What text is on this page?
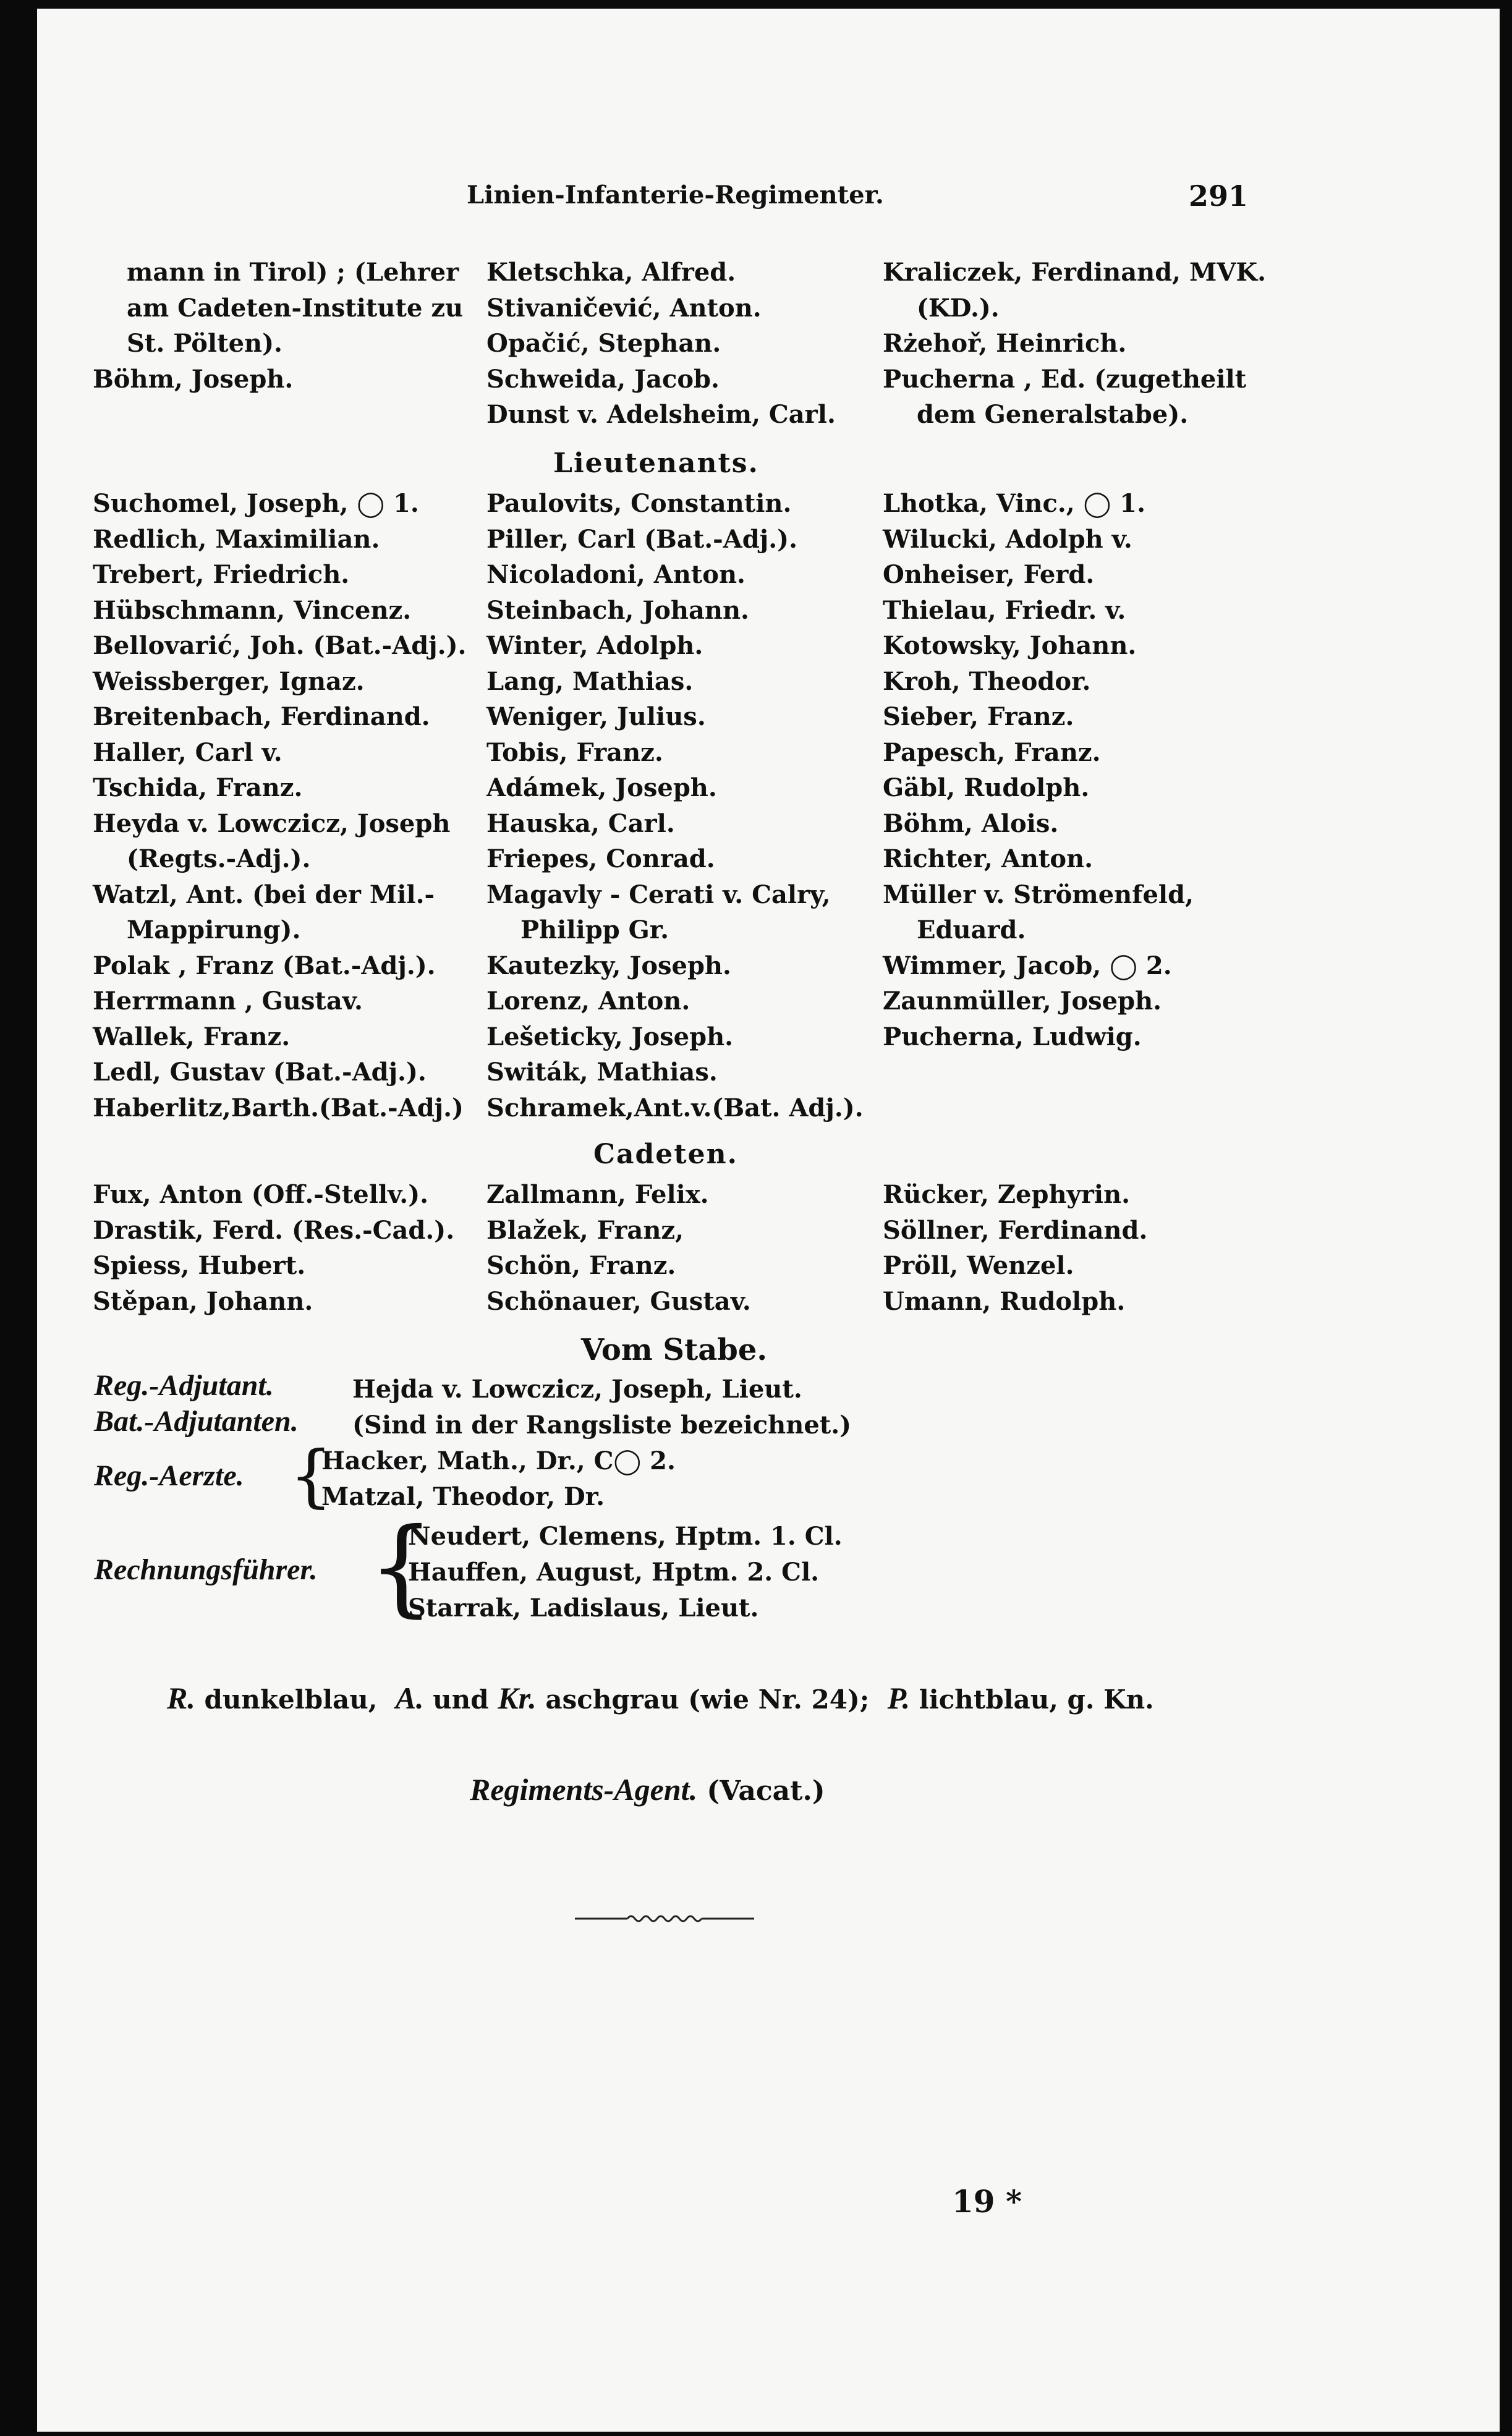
Linien-Infanterie-Regimenter.	291
mann in Tirol) ; (Lehrer
am Cadeten-Institute zu
St. Pölten).
Böhm, Joseph.
Kletschka, Alfred.
Stivaničević, Anton.
Opačić, Stephan.
Schweida, Jacob.
Dunst v. Adelsheim, Carl.
Kraliczek, Ferdinand, MVK.
(KD.).
Rżehoř, Heinrich.
Pucherna , Ed. (zugetheilt
dem Generalstabe).
Lieutenants.
Suchomel, Joseph, ◯ 1.
Redlich, Maximilian.
Trebert, Friedrich.
Hübschmann, Vincenz.
Bellovarić, Joh. (Bat.-Adj.).
Weissberger, Ignaz.
Breitenbach, Ferdinand.
Haller, Carl v.
Tschida, Franz.
Heyda v. Lowczicz, Joseph
(Regts.-Adj.).
Watzl, Ant. (bei der Mil.-
Mappirung).
Polak , Franz (Bat.-Adj.).
Herrmann , Gustav.
Wallek, Franz.
Ledl, Gustav (Bat.-Adj.).
Haberlitz,Barth.(Bat.-Adj.)
Paulovits, Constantin.
Piller, Carl (Bat.-Adj.).
Nicoladoni, Anton.
Steinbach, Johann.
Winter, Adolph.
Lang, Mathias.
Weniger, Julius.
Tobis, Franz.
Adámek, Joseph.
Hauska, Carl.
Friepes, Conrad.
Magavly - Cerati v. Calry,
Philipp Gr.
Kautezky, Joseph.
Lorenz, Anton.
Lešeticky, Joseph.
Switák, Mathias.
Schramek,Ant.v.(Bat. Adj.).
Lhotka, Vinc., ◯ 1.
Wilucki, Adolph v.
Onheiser, Ferd.
Thielau, Friedr. v.
Kotowsky, Johann.
Kroh, Theodor.
Sieber, Franz.
Papesch, Franz.
Gäbl, Rudolph.
Böhm, Alois.
Richter, Anton.
Müller v. Strömenfeld,
Eduard.
Wimmer, Jacob, ◯ 2.
Zaunmüller, Joseph.
Pucherna, Ludwig.
Cadeten.
Fux, Anton (Off.-Stellv.).
Drastik, Ferd. (Res.-Cad.).
Spiess, Hubert.
Stěpan, Johann.
Zallmann, Felix.
Blažek, Franz,
Schön, Franz.
Schönauer, Gustav.
Rücker, Zephyrin.
Söllner, Ferdinand.
Pröll, Wenzel.
Umann, Rudolph.
Vom Stabe.
Reg.-Adjutant.	Hejda v. Lowczicz, Joseph, Lieut.
Bat.-Adjutanten. (Sind in der Rangsliste bezeichnet.)
Reg.-Aerzte. {
Hacker, Math., Dr., C◯ 2.
Matzal, Theodor, Dr.
Rechnungsführer. {
Neudert, Clemens, Hptm. 1. Cl.
Hauffen, August, Hptm. 2. Cl.
Starrak, Ladislaus, Lieut.
R. dunkelblau, A. und Kr. aschgrau (wie Nr. 24); P. lichtblau, g. Kn.
Regiments-Agent. (Vacat.)
19 *
